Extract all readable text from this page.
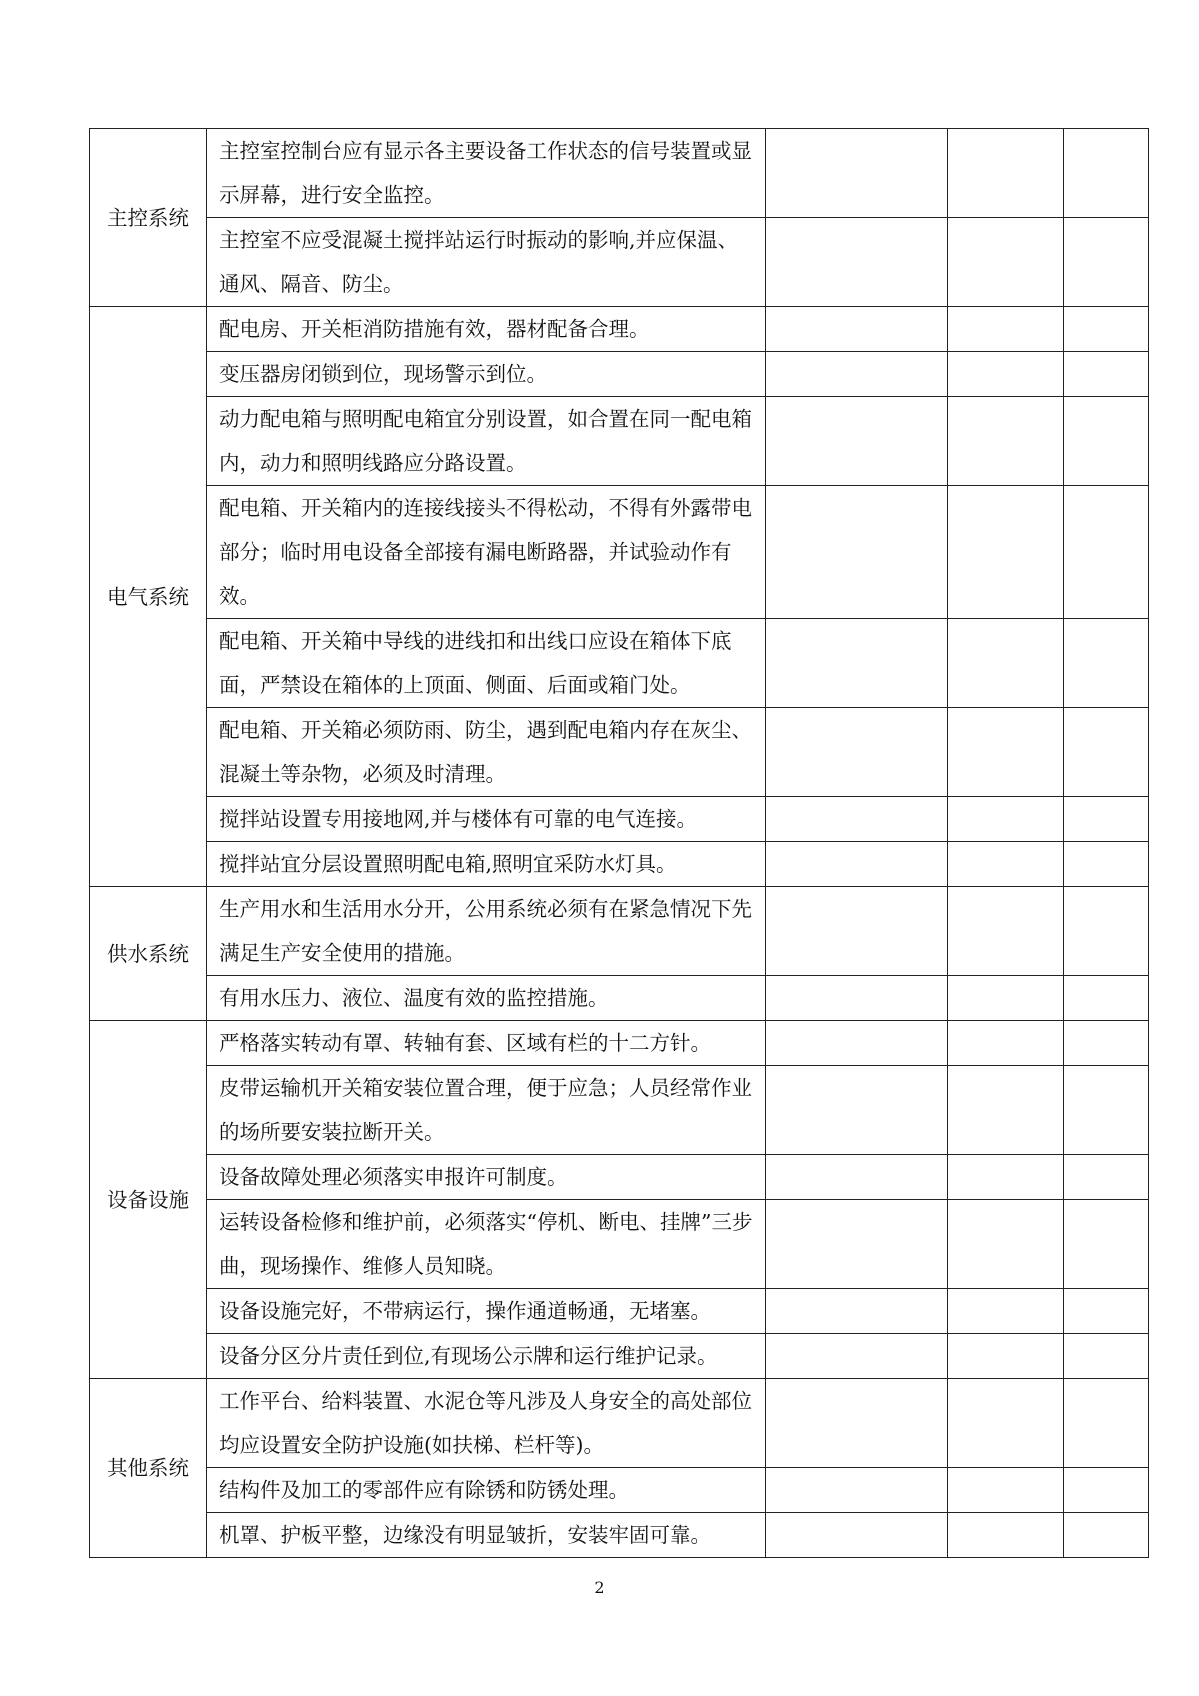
主控系统	主控室控制台应有显示各主要设备工作状态的信号装置或显示屏幕，进行安全监控。			
	主控室不应受混凝土搅拌站运行时振动的影响,并应保温、通风、隔音、防尘。			
电气系统	配电房、开关柜消防措施有效，器材配备合理。			
	变压器房闭锁到位，现场警示到位。			
	动力配电箱与照明配电箱宜分别设置，如合置在同一配电箱内，动力和照明线路应分路设置。			
	配电箱、开关箱内的连接线接头不得松动，不得有外露带电部分；临时用电设备全部接有漏电断路器，并试验动作有效。			
	配电箱、开关箱中导线的进线扣和出线口应设在箱体下底面，严禁设在箱体的上顶面、侧面、后面或箱门处。			
	配电箱、开关箱必须防雨、防尘，遇到配电箱内存在灰尘、混凝土等杂物，必须及时清理。			
	搅拌站设置专用接地网,并与楼体有可靠的电气连接。			
	搅拌站宜分层设置照明配电箱,照明宜采防水灯具。			
供水系统	生产用水和生活用水分开，公用系统必须有在紧急情况下先满足生产安全使用的措施。			
	有用水压力、液位、温度有效的监控措施。			
设备设施	严格落实转动有罩、转轴有套、区域有栏的十二方针。			
	皮带运输机开关箱安装位置合理，便于应急；人员经常作业的场所要安装拉断开关。			
	设备故障处理必须落实申报许可制度。			
	运转设备检修和维护前，必须落实“停机、断电、挂牌”三步曲，现场操作、维修人员知晓。			
	设备设施完好，不带病运行，操作通道畅通，无堵塞。			
	设备分区分片责任到位,有现场公示牌和运行维护记录。			
其他系统	工作平台、给料装置、水泥仓等凡涉及人身安全的高处部位均应设置安全防护设施(如扶梯、栏杆等)。			
	结构件及加工的零部件应有除锈和防锈处理。			
	机罩、护板平整，边缘没有明显皱折，安装牢固可靠。			
2
